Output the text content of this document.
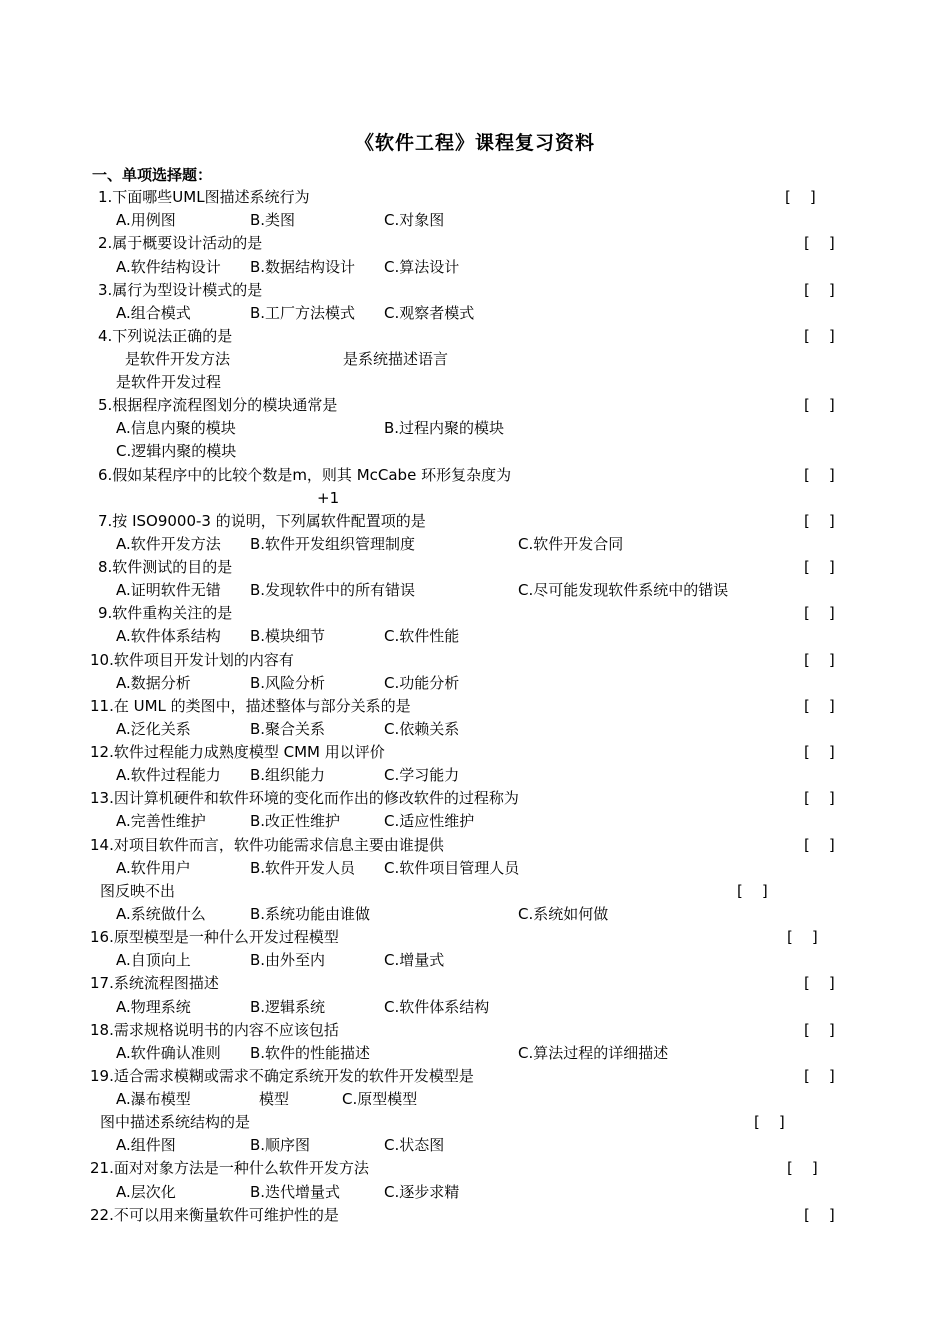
《软件工程》课程复习资料
一、单项选择题：
1.下面哪些UML图描述系统行为	[    ]
A.用例图	B.类图	C.对象图
2.属于概要设计活动的是	[    ]
A.软件结构设计 B.数据结构设计 C.算法设计
3.属行为型设计模式的是	[    ]
A.组合模式	B.工厂方法模式 C.观察者模式
4.下列说法正确的是	[    ]
是软件开发方法	是系统描述语言
是软件开发过程
5.根据程序流程图划分的模块通常是	[    ]
A.信息内聚的模块	B.过程内聚的模块
C.逻辑内聚的模块
6.假如某程序中的比较个数是m，则其 McCabe 环形复杂度为	[    ]
+1
7.按 ISO9000-3 的说明，下列属软件配置项的是	[    ]
A.软件开发方法 B.软件开发组织管理制度	C.软件开发合同
8.软件测试的目的是	[    ]
A.证明软件无错 B.发现软件中的所有错误	C.尽可能发现软件系统中的错误
9.软件重构关注的是	[    ]
A.软件体系结构 B.模块细节	C.软件性能
10.软件项目开发计划的内容有	[    ]
A.数据分析	B.风险分析	C.功能分析
11.在 UML 的类图中，描述整体与部分关系的是	[    ]
A.泛化关系	B.聚合关系	C.依赖关系
12.软件过程能力成熟度模型 CMM 用以评价	[    ]
A.软件过程能力 B.组织能力	C.学习能力
13.因计算机硬件和软件环境的变化而作出的修改软件的过程称为	[    ]
A.完善性维护	B.改正性维护	C.适应性维护
14.对项目软件而言，软件功能需求信息主要由谁提供	[    ]
A.软件用户	B.软件开发人员 C.软件项目管理人员
图反映不出	[    ]
A.系统做什么	B.系统功能由谁做	C.系统如何做
16.原型模型是一种什么开发过程模型	[    ]
A.自顶向上	B.由外至内	C.增量式
17.系统流程图描述	[    ]
A.物理系统	B.逻辑系统	C.软件体系结构
18.需求规格说明书的内容不应该包括	[    ]
A.软件确认准则 B.软件的性能描述	C.算法过程的详细描述
19.适合需求模糊或需求不确定系统开发的软件开发模型是	[    ]
A.瀑布模型	模型	C.原型模型
图中描述系统结构的是	[    ]
A.组件图	B.顺序图	C.状态图
21.面对对象方法是一种什么软件开发方法	[    ]
A.层次化	B.迭代增量式	C.逐步求精
22.不可以用来衡量软件可维护性的是	[    ]
